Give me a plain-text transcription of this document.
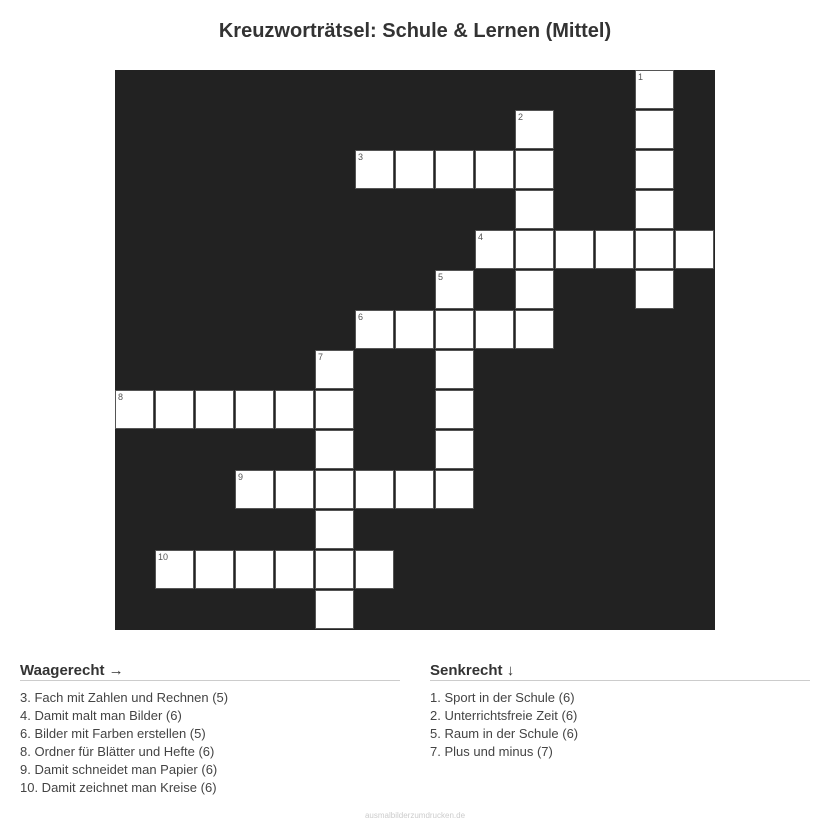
Kreuzworträtsel: Schule & Lernen (Mittel)
1
2
3
4
5
6
7
8
9
10
Waagerecht →
3. Fach mit Zahlen und Rechnen (5)
4. Damit malt man Bilder (6)
6. Bilder mit Farben erstellen (5)
8. Ordner für Blätter und Hefte (6)
9. Damit schneidet man Papier (6)
10. Damit zeichnet man Kreise (6)
Senkrecht ↓
1. Sport in der Schule (6)
2. Unterrichtsfreie Zeit (6)
5. Raum in der Schule (6)
7. Plus und minus (7)
ausmalbilderzumdrucken.de
